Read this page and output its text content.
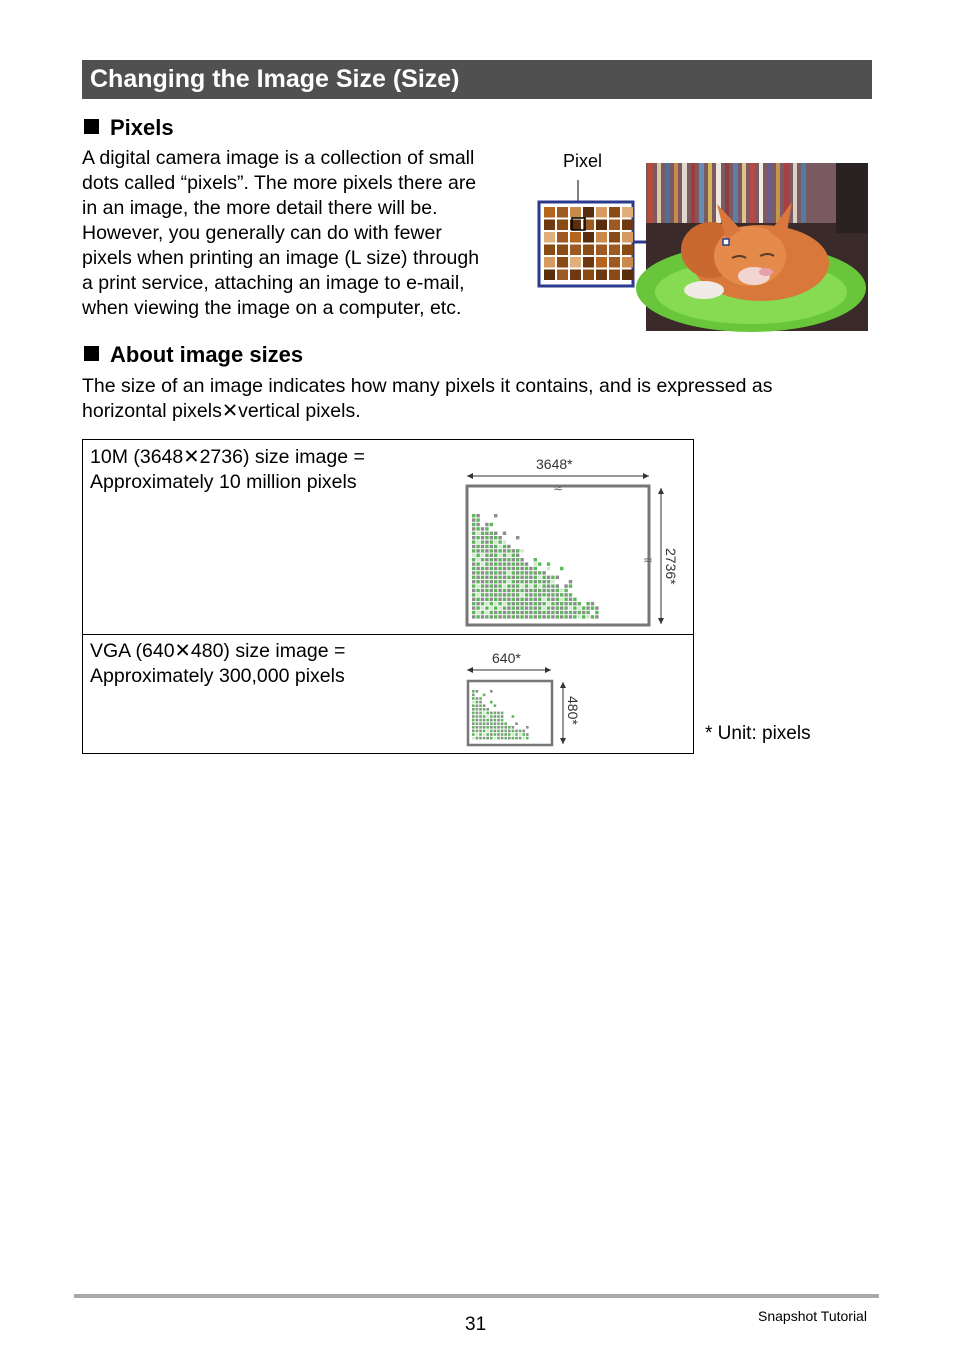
Changing the Image Size (Size)
Pixels

A digital camera image is a collection of small
dots called “pixels”. The more pixels there are
in an image, the more detail there will be.
However, you generally can do with fewer
pixels when printing an image (L size) through
a print service, attaching an image to e-mail,
when viewing the image on a computer, etc.

Pixel
About image sizes

The size of an image indicates how many pixels it contains, and is expressed as
horizontal pixels✕vertical pixels.

10M (3648✕2736) size image =
Approximately 10 million pixels
VGA (640✕480) size image =
Approximately 300,000 pixels
3648*
≈
2736*
≈
640*
480*
* Unit: pixels
31	Snapshot Tutorial
